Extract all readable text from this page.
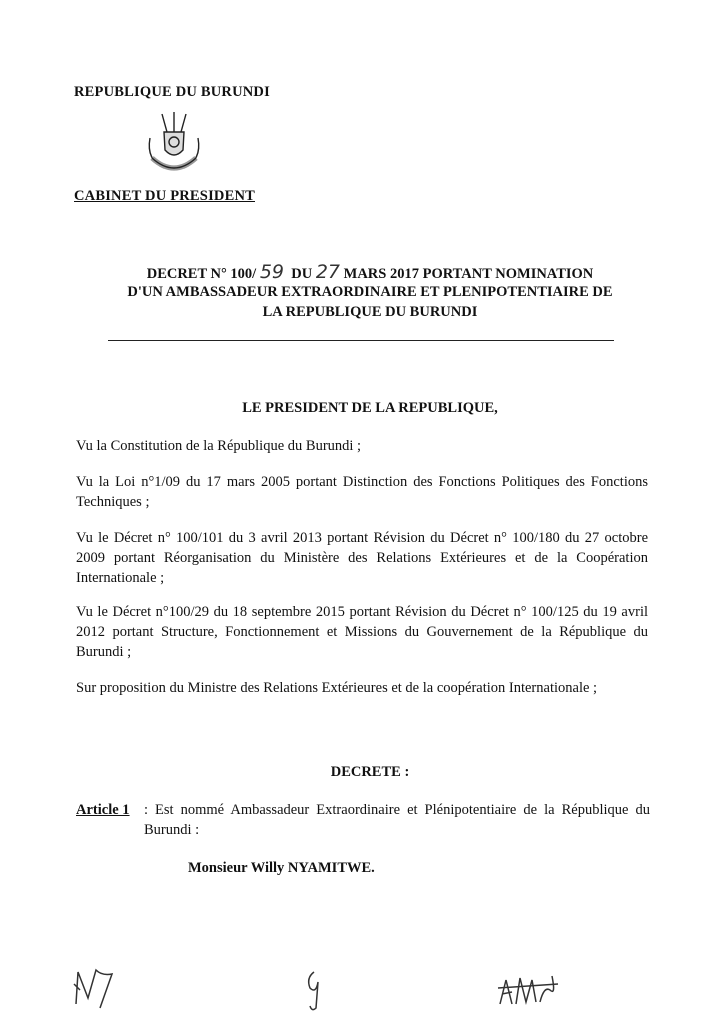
REPUBLIQUE DU BURUNDI
CABINET DU PRESIDENT
DECRET N° 100/ 59 DU 27 MARS 2017 PORTANT NOMINATION
D'UN AMBASSADEUR EXTRAORDINAIRE ET PLENIPOTENTIAIRE DE
LA REPUBLIQUE DU BURUNDI
LE PRESIDENT DE LA REPUBLIQUE,
Vu la Constitution de la République du Burundi ;
Vu la Loi n°1/09 du 17 mars 2005 portant Distinction des Fonctions Politiques des Fonctions Techniques ;
Vu le Décret n° 100/101 du 3 avril 2013 portant Révision du Décret n° 100/180 du 27 octobre 2009 portant Réorganisation du Ministère des Relations Extérieures et de la Coopération Internationale ;
Vu le Décret n°100/29 du 18 septembre 2015 portant Révision du Décret n° 100/125 du 19 avril 2012 portant Structure, Fonctionnement et Missions du Gouvernement de la République du Burundi ;
Sur proposition du Ministre des Relations Extérieures et de la coopération Internationale ;
DECRETE :
Article 1 : Est nommé Ambassadeur Extraordinaire et Plénipotentiaire de la République du Burundi :
Monsieur Willy NYAMITWE.
